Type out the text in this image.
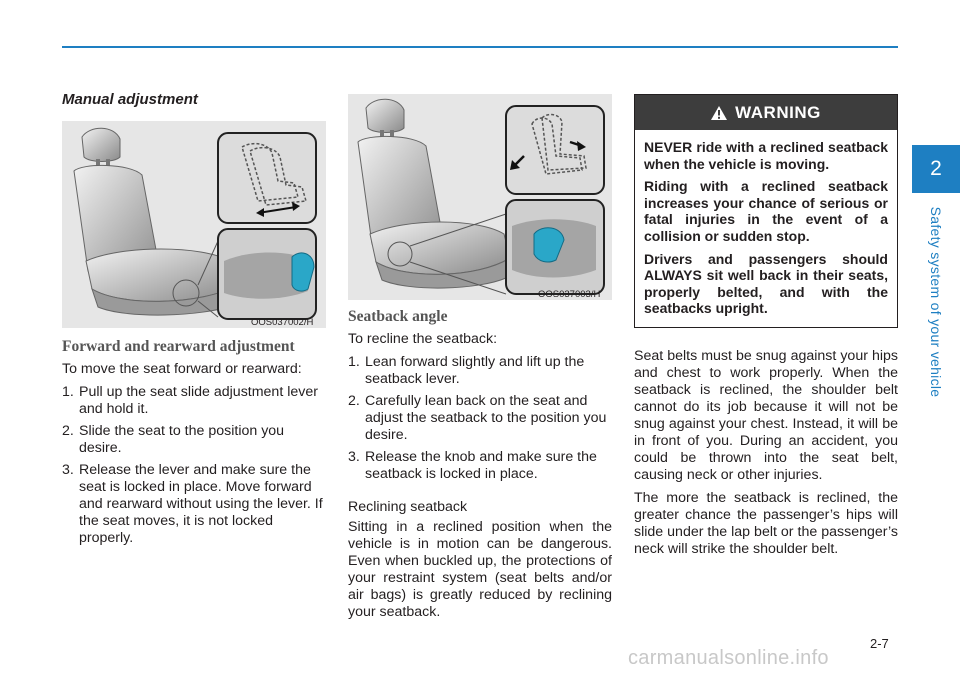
2
Safety system of your vehicle
Manual adjustment
OOS037002/H

Forward and rearward adjustment

To move the seat forward or rearward:

1. Pull up the seat slide adjustment lever and hold it.
2. Slide the seat to the position you desire.
3. Release the lever and make sure the seat is locked in place. Move forward and rearward without using the lever. If the seat moves, it is not locked properly.
OOS037003/H

Seatback angle

To recline the seatback:

1. Lean forward slightly and lift up the seatback lever.
2. Carefully lean back on the seat and adjust the seatback to the position you desire.
3. Release the knob and make sure the seatback is locked in place.

Reclining seatback

Sitting in a reclined position when the vehicle is in motion can be dangerous. Even when buckled up, the protections of your restraint system (seat belts and/or air bags) is greatly reduced by reclining your seatback.

WARNING

NEVER ride with a reclined seatback when the vehicle is moving.

Riding with a reclined seatback increases your chance of serious or fatal injuries in the event of a collision or sudden stop.

Drivers and passengers should ALWAYS sit well back in their seats, properly belted, and with the seatbacks upright.

Seat belts must be snug against your hips and chest to work properly. When the seatback is reclined, the shoulder belt cannot do its job because it will not be snug against your chest. Instead, it will be in front of you. During an accident, you could be thrown into the seat belt, causing neck or other injuries.

The more the seatback is reclined, the greater chance the passenger’s hips will slide under the lap belt or the passenger’s neck will strike the shoulder belt.

2-7
carmanualsonline.info
